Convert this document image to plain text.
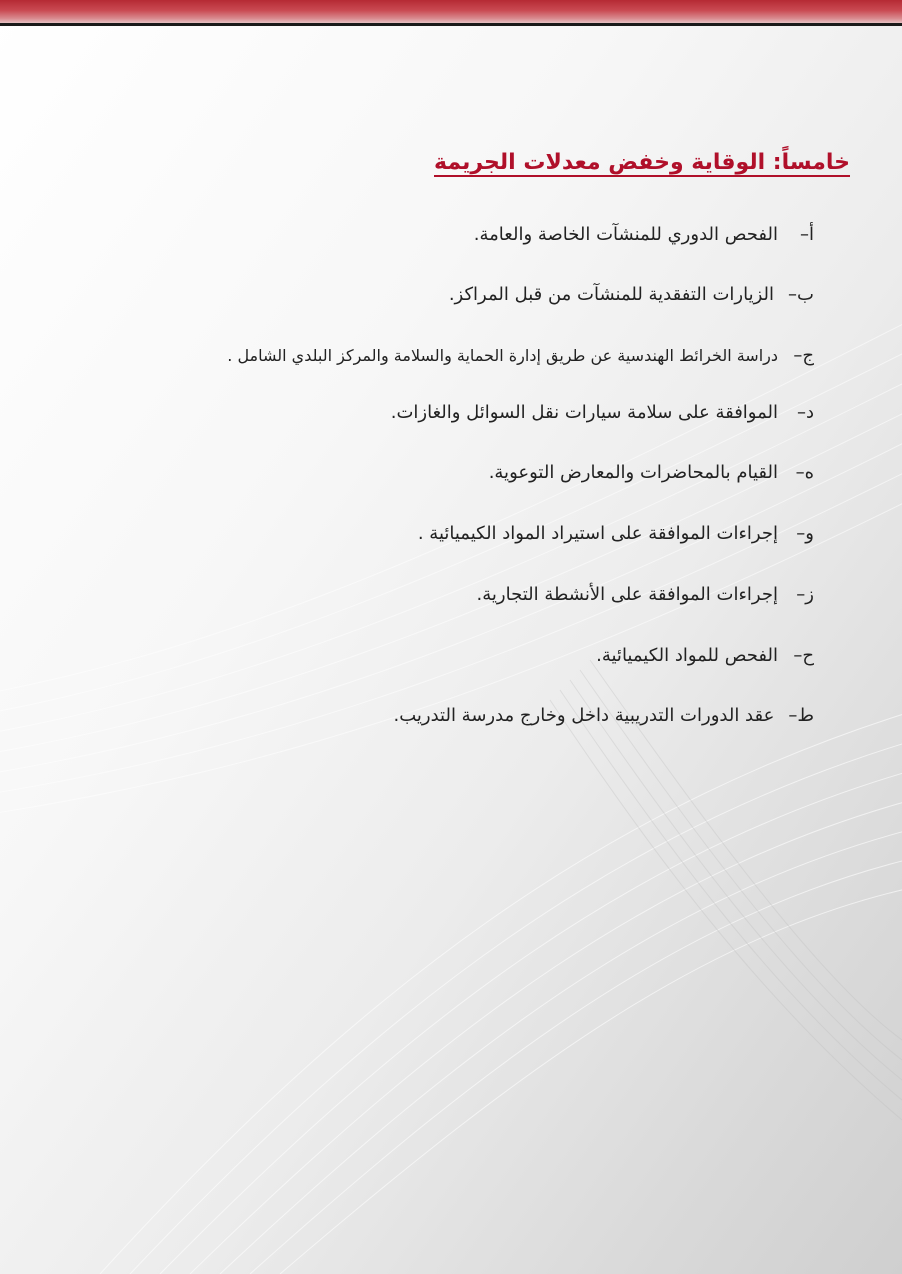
خامساً: الوقاية وخفض معدلات الجريمة
أ–
الفحص الدوري للمنشآت الخاصة والعامة.
ب–
الزيارات التفقدية للمنشآت من قبل المراكز.
ج–
دراسة الخرائط الهندسية عن طريق إدارة الحماية والسلامة والمركز البلدي الشامل .
د–
الموافقة على سلامة سيارات نقل السوائل والغازات.
ه–
القيام بالمحاضرات والمعارض التوعوية.
و–
إجراءات الموافقة على استيراد المواد الكيميائية .
ز–
إجراءات الموافقة على الأنشطة التجارية.
ح–
الفحص للمواد الكيميائية.
ط–
عقد الدورات التدريبية داخل وخارج مدرسة التدريب.
